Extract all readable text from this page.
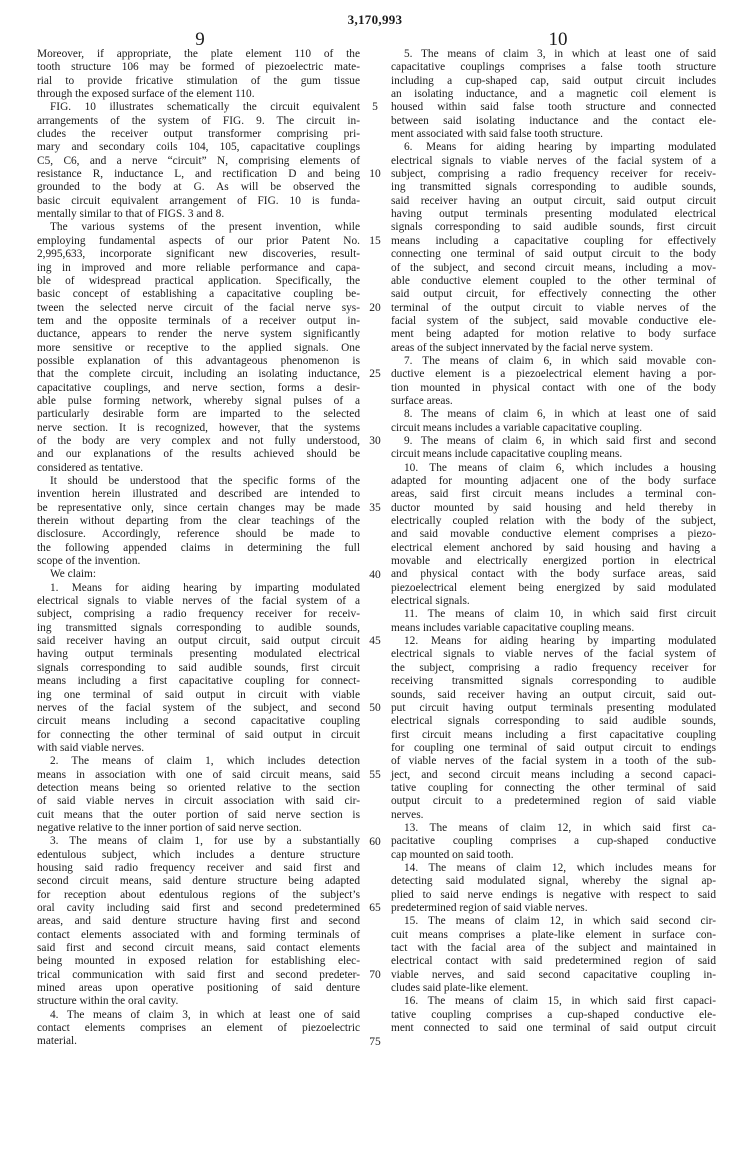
3,170,993
9	10
Moreover, if appropriate, the plate element 110 of the
tooth structure 106 may be formed of piezoelectric mate-
rial to provide fricative stimulation of the gum tissue
through the exposed surface of the element 110.
FIG. 10 illustrates schematically the circuit equivalent
arrangements of the system of FIG. 9. The circuit in-
cludes the receiver output transformer comprising pri-
mary and secondary coils 104, 105, capacitative couplings
C5, C6, and a nerve “circuit” N, comprising elements of
resistance R, inductance L, and rectification D and being
grounded to the body at G. As will be observed the
basic circuit equivalent arrangement of FIG. 10 is funda-
mentally similar to that of FIGS. 3 and 8.
The various systems of the present invention, while
employing fundamental aspects of our prior Patent No.
2,995,633, incorporate significant new discoveries, result-
ing in improved and more reliable performance and capa-
ble of widespread practical application. Specifically, the
basic concept of establishing a capacitative coupling be-
tween the selected nerve circuit of the facial nerve sys-
tem and the opposite terminals of a receiver output in-
ductance, appears to render the nerve system significantly
more sensitive or receptive to the applied signals. One
possible explanation of this advantageous phenomenon is
that the complete circuit, including an isolating inductance,
capacitative couplings, and nerve section, forms a desir-
able pulse forming network, whereby signal pulses of a
particularly desirable form are imparted to the selected
nerve section. It is recognized, however, that the systems
of the body are very complex and not fully understood,
and our explanations of the results achieved should be
considered as tentative.
It should be understood that the specific forms of the
invention herein illustrated and described are intended to
be representative only, since certain changes may be made
therein without departing from the clear teachings of the
disclosure. Accordingly, reference should be made to
the following appended claims in determining the full
scope of the invention.
We claim:
1. Means for aiding hearing by imparting modulated
electrical signals to viable nerves of the facial system of a
subject, comprising a radio frequency receiver for receiv-
ing transmitted signals corresponding to audible sounds,
said receiver having an output circuit, said output circuit
having output terminals presenting modulated electrical
signals corresponding to said audible sounds, first circuit
means including a first capacitative coupling for connect-
ing one terminal of said output in circuit with viable
nerves of the facial system of the subject, and second
circuit means including a second capacitative coupling
for connecting the other terminal of said output in circuit
with said viable nerves.
2. The means of claim 1, which includes detection
means in association with one of said circuit means, said
detection means being so oriented relative to the section
of said viable nerves in circuit association with said cir-
cuit means that the outer portion of said nerve section is
negative relative to the inner portion of said nerve section.
3. The means of claim 1, for use by a substantially
edentulous subject, which includes a denture structure
housing said radio frequency receiver and said first and
second circuit means, said denture structure being adapted
for reception about edentulous regions of the subject’s
oral cavity including said first and second predetermined
areas, and said denture structure having first and second
contact elements associated with and forming terminals of
said first and second circuit means, said contact elements
being mounted in exposed relation for establishing elec-
trical communication with said first and second predeter-
mined areas upon operative positioning of said denture
structure within the oral cavity.
4. The means of claim 3, in which at least one of said
contact elements comprises an element of piezoelectric
material.
5
10
15
20
25
30
35
40
45
50
55
60
65
70
75
5. The means of claim 3, in which at least one of said
capacitative couplings comprises a false tooth structure
including a cup-shaped cap, said output circuit includes
an isolating inductance, and a magnetic coil element is
housed within said false tooth structure and connected
between said isolating inductance and the contact ele-
ment associated with said false tooth structure.
6. Means for aiding hearing by imparting modulated
electrical signals to viable nerves of the facial system of a
subject, comprising a radio frequency receiver for receiv-
ing transmitted signals corresponding to audible sounds,
said receiver having an output circuit, said output circuit
having output terminals presenting modulated electrical
signals corresponding to said audible sounds, first circuit
means including a capacitative coupling for effectively
connecting one terminal of said output circuit to the body
of the subject, and second circuit means, including a mov-
able conductive element coupled to the other terminal of
said output circuit, for effectively connecting the other
terminal of the output circuit to viable nerves of the
facial system of the subject, said movable conductive ele-
ment being adapted for motion relative to body surface
areas of the subject innervated by the facial nerve system.
7. The means of claim 6, in which said movable con-
ductive element is a piezoelectrical element having a por-
tion mounted in physical contact with one of the body
surface areas.
8. The means of claim 6, in which at least one of said
circuit means includes a variable capacitative coupling.
9. The means of claim 6, in which said first and second
circuit means include capacitative coupling means.
10. The means of claim 6, which includes a housing
adapted for mounting adjacent one of the body surface
areas, said first circuit means includes a terminal con-
ductor mounted by said housing and held thereby in
electrically coupled relation with the body of the subject,
and said movable conductive element comprises a piezo-
electrical element anchored by said housing and having a
movable and electrically energized portion in electrical
and physical contact with the body surface areas, said
piezoelectrical element being energized by said modulated
electrical signals.
11. The means of claim 10, in which said first circuit
means includes variable capacitative coupling means.
12. Means for aiding hearing by imparting modulated
electrical signals to viable nerves of the facial system of
the subject, comprising a radio frequency receiver for
receiving transmitted signals corresponding to audible
sounds, said receiver having an output circuit, said out-
put circuit having output terminals presenting modulated
electrical signals corresponding to said audible sounds,
first circuit means including a first capacitative coupling
for coupling one terminal of said output circuit to endings
of viable nerves of the facial system in a tooth of the sub-
ject, and second circuit means including a second capaci-
tative coupling for connecting the other terminal of said
output circuit to a predetermined region of said viable
nerves.
13. The means of claim 12, in which said first ca-
pacitative coupling comprises a cup-shaped conductive
cap mounted on said tooth.
14. The means of claim 12, which includes means for
detecting said modulated signal, whereby the signal ap-
plied to said nerve endings is negative with respect to said
predetermined region of said viable nerves.
15. The means of claim 12, in which said second cir-
cuit means comprises a plate-like element in surface con-
tact with the facial area of the subject and maintained in
electrical contact with said predetermined region of said
viable nerves, and said second capacitative coupling in-
cludes said plate-like element.
16. The means of claim 15, in which said first capaci-
tative coupling comprises a cup-shaped conductive ele-
ment connected to said one terminal of said output circuit
